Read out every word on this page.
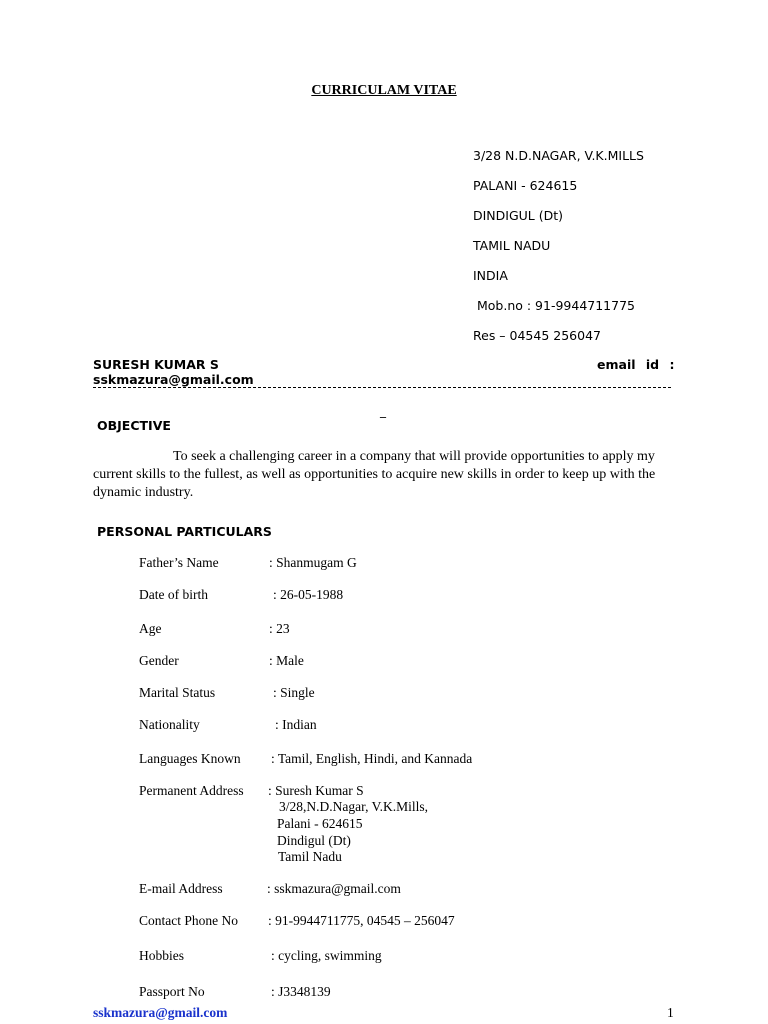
CURRICULAM VITAE
3/28 N.D.NAGAR, V.K.MILLS
PALANI - 624615
DINDIGUL (Dt)
TAMIL NADU
INDIA
Mob.no : 91-9944711775
Res – 04545 256047
SURESH KUMAR S	email id :
sskmazura@gmail.com
_
OBJECTIVE
To seek a challenging career in a company that will provide opportunities to apply my current skills to the fullest, as well as opportunities to acquire new skills in order to keep up with the dynamic industry.
PERSONAL PARTICULARS
Father’s Name	: Shanmugam G
Date of birth	: 26-05-1988
Age	: 23
Gender	: Male
Marital Status	: Single
Nationality	: Indian
Languages Known : Tamil, English, Hindi, and Kannada
Permanent Address : Suresh Kumar S
3/28,N.D.Nagar, V.K.Mills,
Palani - 624615
Dindigul (Dt)
Tamil Nadu
E-mail Address	: sskmazura@gmail.com
Contact Phone No : 91-9944711775, 04545 – 256047
Hobbies	: cycling, swimming
Passport No	: J3348139
sskmazura@gmail.com	1
